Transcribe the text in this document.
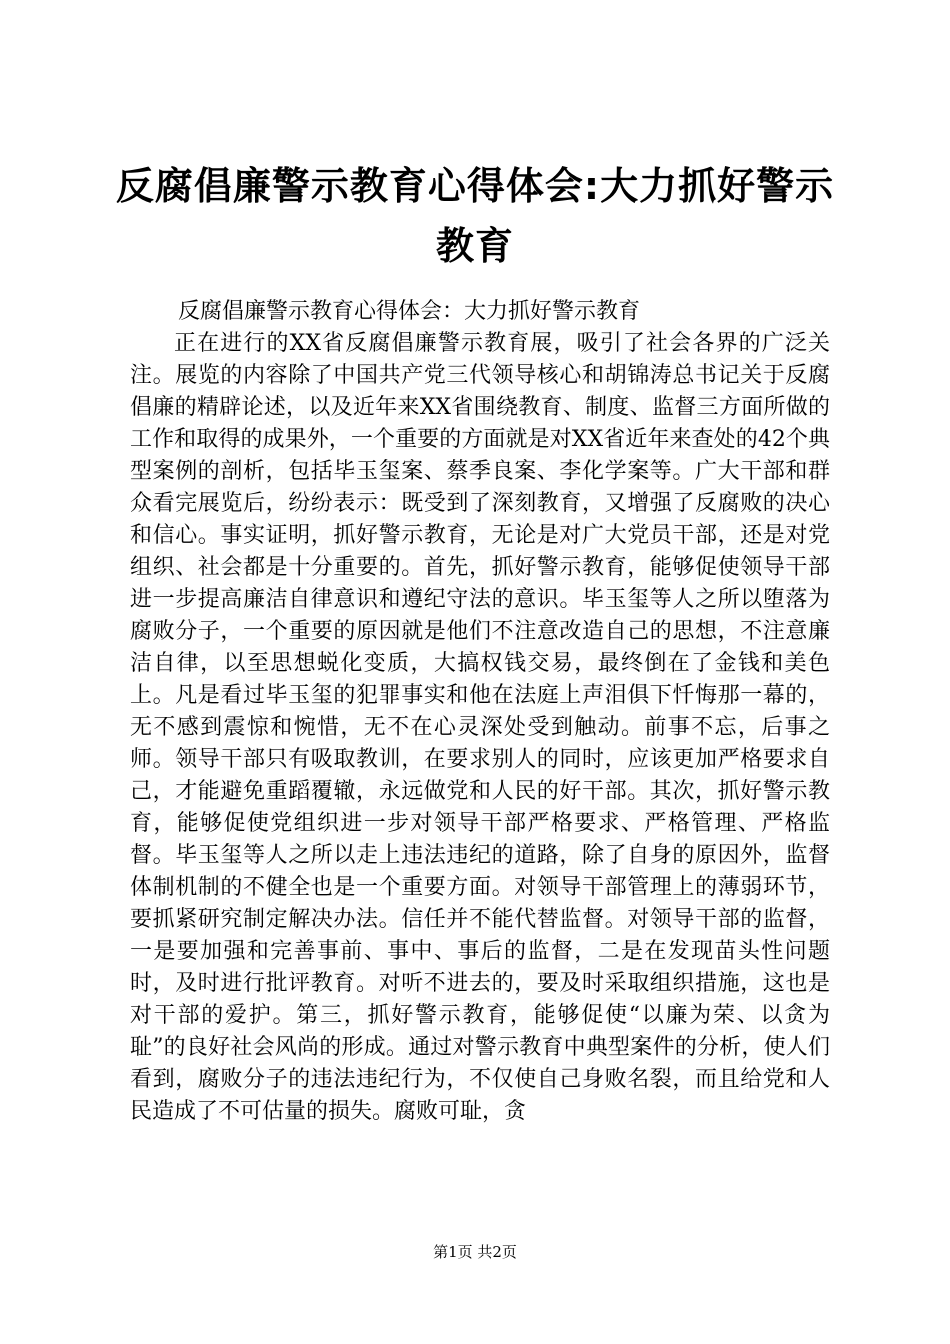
反腐倡廉警示教育心得体会:大力抓好警示教育

反腐倡廉警示教育心得体会：大力抓好警示教育

正在进行的XX省反腐倡廉警示教育展，吸引了社会各界的广泛关注。展览的内容除了中国共产党三代领导核心和胡锦涛总书记关于反腐倡廉的精辟论述，以及近年来XX省围绕教育、制度、监督三方面所做的工作和取得的成果外，一个重要的方面就是对XX省近年来查处的42个典型案例的剖析，包括毕玉玺案、蔡季良案、李化学案等。广大干部和群众看完展览后，纷纷表示：既受到了深刻教育，又增强了反腐败的决心和信心。事实证明，抓好警示教育，无论是对广大党员干部，还是对党组织、社会都是十分重要的。首先，抓好警示教育，能够促使领导干部进一步提高廉洁自律意识和遵纪守法的意识。毕玉玺等人之所以堕落为腐败分子，一个重要的原因就是他们不注意改造自己的思想，不注意廉洁自律，以至思想蜕化变质，大搞权钱交易，最终倒在了金钱和美色上。凡是看过毕玉玺的犯罪事实和他在法庭上声泪俱下忏悔那一幕的，无不感到震惊和惋惜，无不在心灵深处受到触动。前事不忘，后事之师。领导干部只有吸取教训，在要求别人的同时，应该更加严格要求自己，才能避免重蹈覆辙，永远做党和人民的好干部。其次，抓好警示教育，能够促使党组织进一步对领导干部严格要求、严格管理、严格监督。毕玉玺等人之所以走上违法违纪的道路，除了自身的原因外，监督体制机制的不健全也是一个重要方面。对领导干部管理上的薄弱环节，要抓紧研究制定解决办法。信任并不能代替监督。对领导干部的监督，一是要加强和完善事前、事中、事后的监督，二是在发现苗头性问题时，及时进行批评教育。对听不进去的，要及时采取组织措施，这也是对干部的爱护。第三，抓好警示教育，能够促使“以廉为荣、以贪为耻”的良好社会风尚的形成。通过对警示教育中典型案件的分析，使人们看到，腐败分子的违法违纪行为，不仅使自己身败名裂，而且给党和人民造成了不可估量的损失。腐败可耻，贪

第1页 共2页
